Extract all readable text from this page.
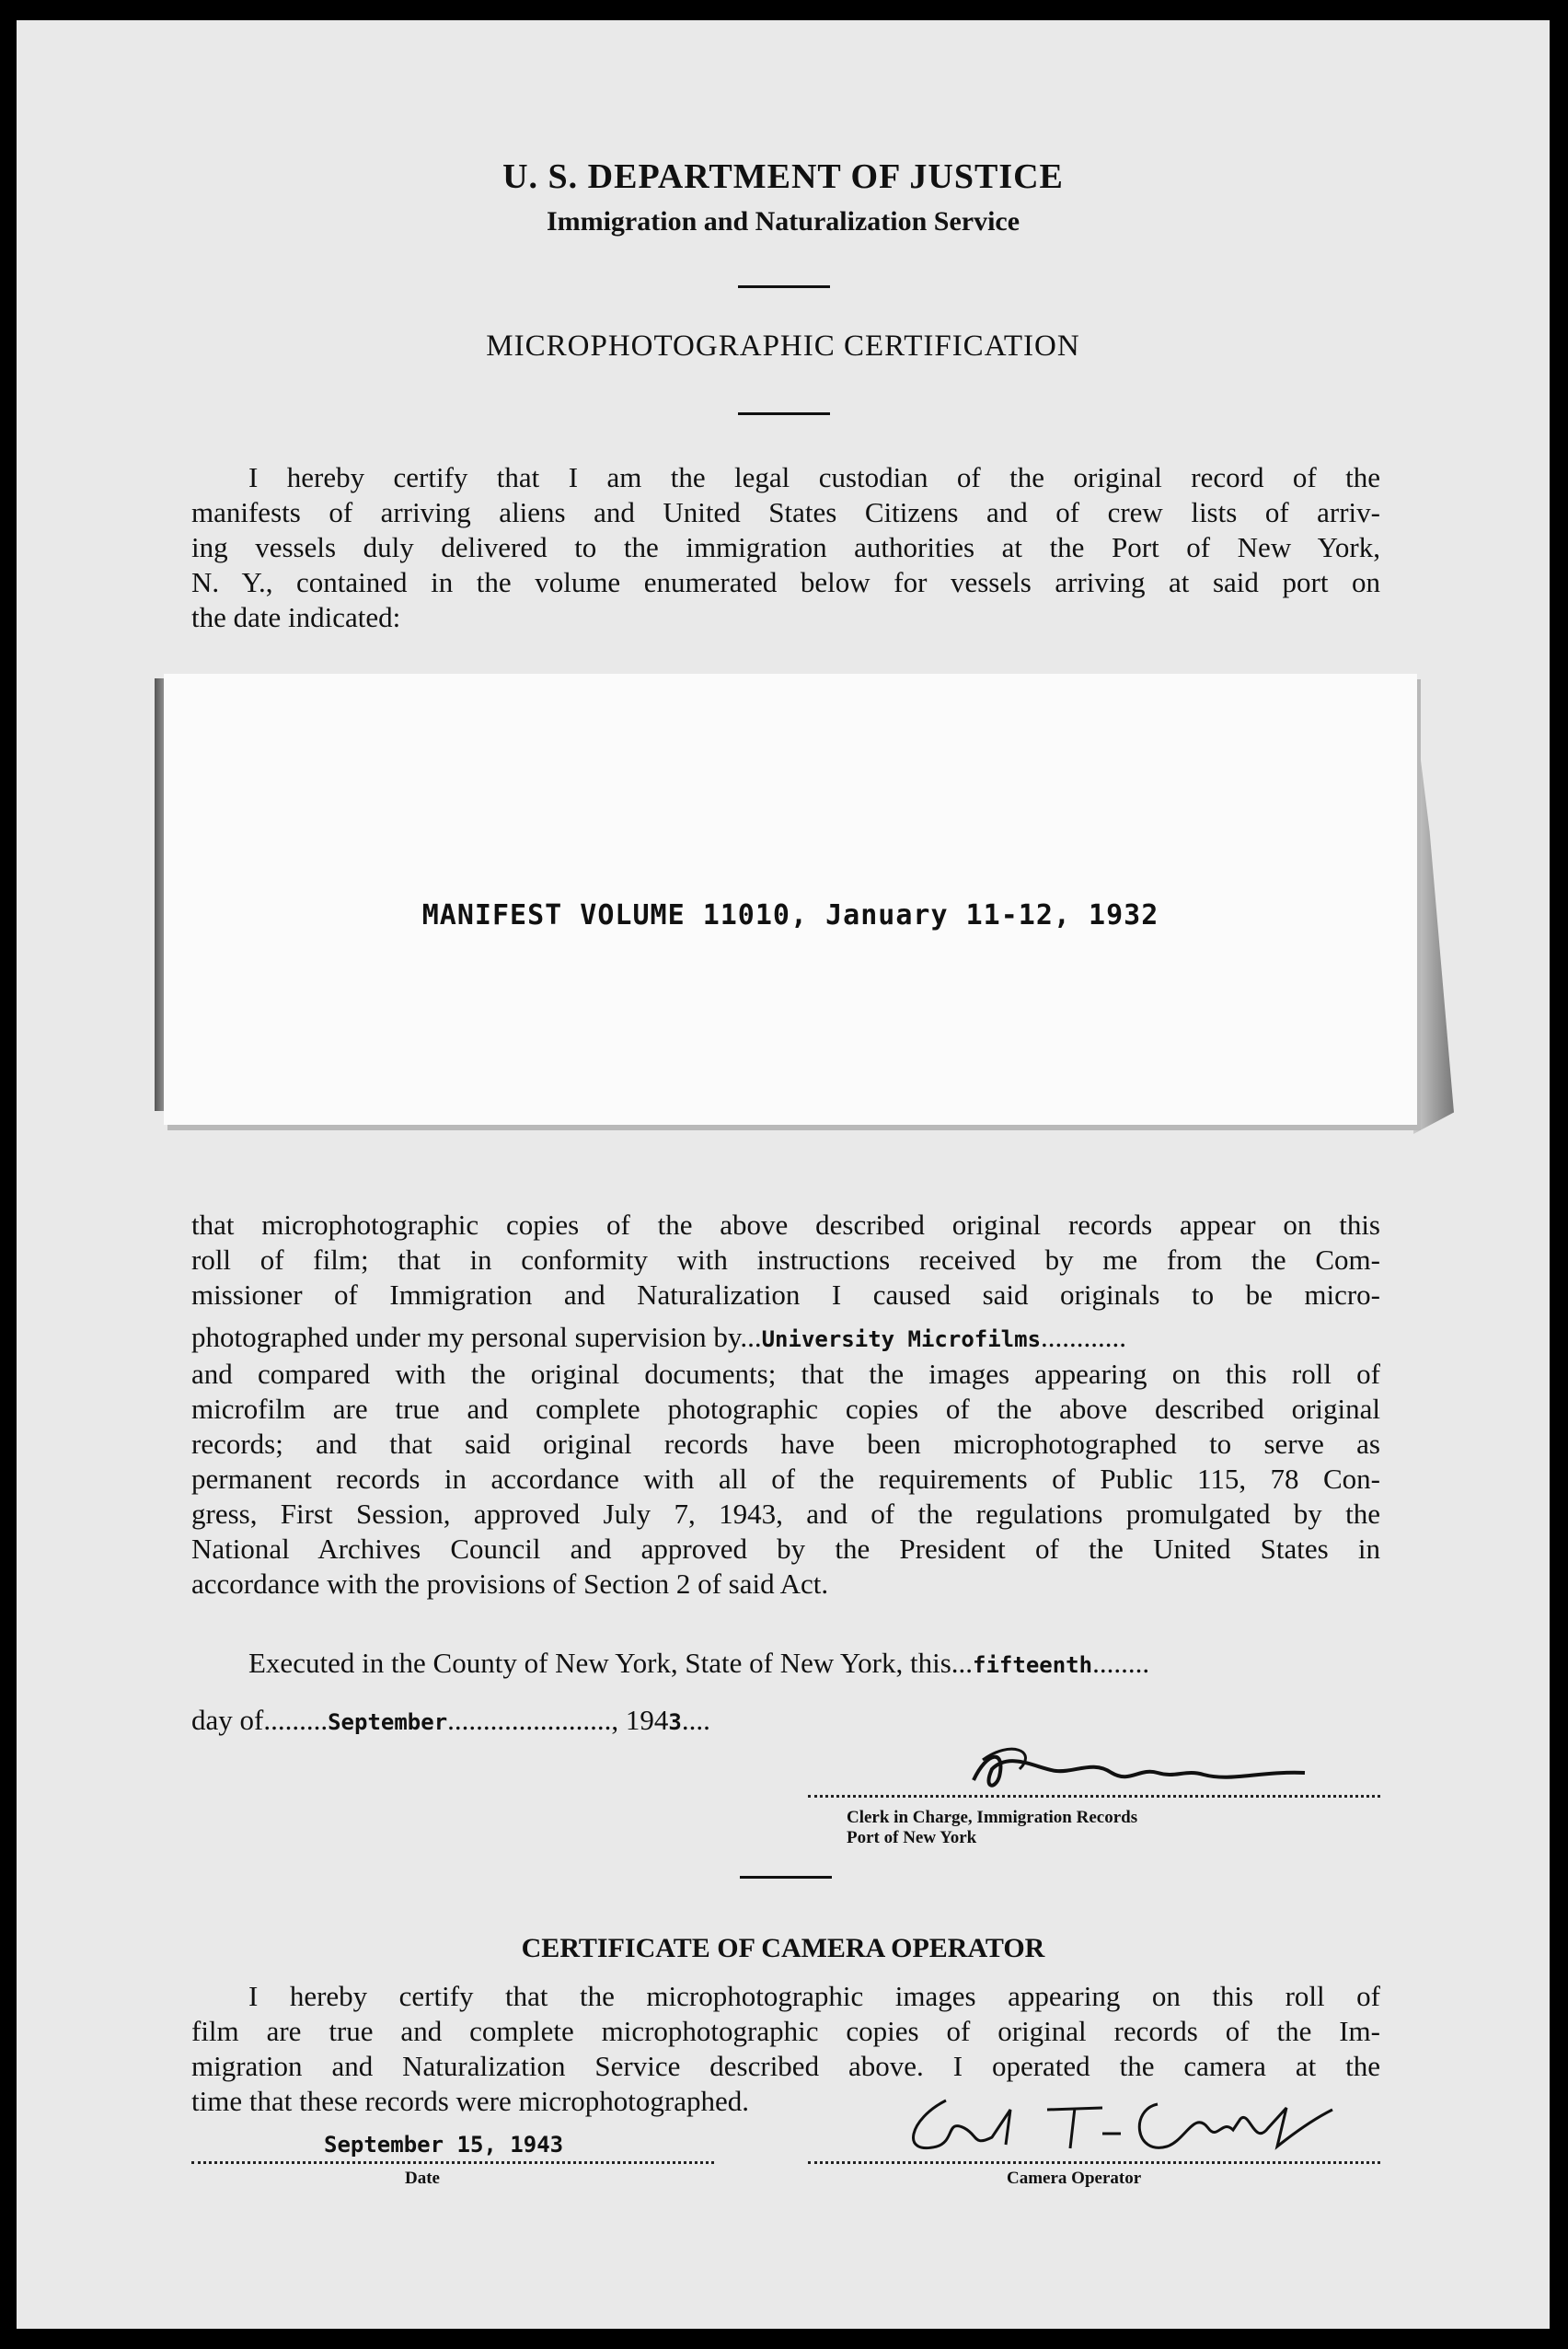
U. S. DEPARTMENT OF JUSTICE
Immigration and Naturalization Service
MICROPHOTOGRAPHIC CERTIFICATION
I hereby certify that I am the legal custodian of the original record of the
manifests of arriving aliens and United States Citizens and of crew lists of arriv-
ing vessels duly delivered to the immigration authorities at the Port of New York,
N. Y., contained in the volume enumerated below for vessels arriving at said port on
the date indicated:
MANIFEST VOLUME 11010, January 11-12, 1932
that microphotographic copies of the above described original records appear on this
roll of film; that in conformity with instructions received by me from the Com-
missioner of Immigration and Naturalization I caused said originals to be micro-
photographed under my personal supervision by...University Microfilms............
and compared with the original documents; that the images appearing on this roll of
microfilm are true and complete photographic copies of the above described original
records; and that said original records have been microphotographed to serve as
permanent records in accordance with all of the requirements of Public 115, 78 Con-
gress, First Session, approved July 7, 1943, and of the regulations promulgated by the
National Archives Council and approved by the President of the United States in
accordance with the provisions of Section 2 of said Act.
Executed in the County of New York, State of New York, this...fifteenth........
day of.........September......................., 1943....
Clerk in Charge, Immigration Records
Port of New York
CERTIFICATE OF CAMERA OPERATOR
I hereby certify that the microphotographic images appearing on this roll of
film are true and complete microphotographic copies of original records of the Im-
migration and Naturalization Service described above. I operated the camera at the
time that these records were microphotographed.
September 15, 1943
Date	Camera Operator
